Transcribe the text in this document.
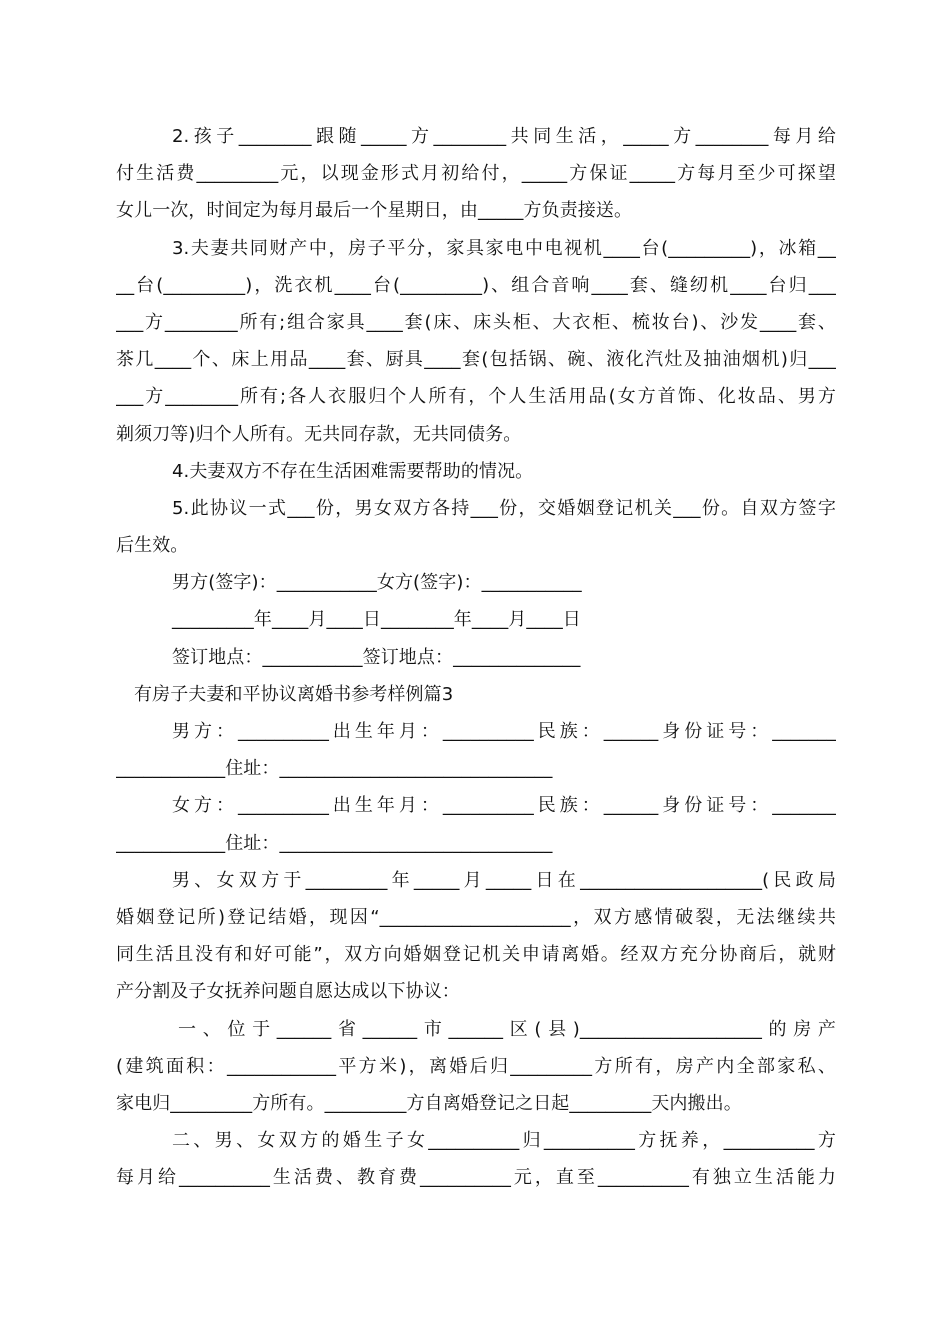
2.孩子________跟随_____方________共同生活，_____方________每月给
付生活费_________元，以现金形式月初给付，_____方保证_____方每月至少可探望
女儿一次，时间定为每月最后一个星期日，由_____方负责接送。
3.夫妻共同财产中，房子平分，家具家电中电视机____台(_________)，冰箱__
__台(_________)，洗衣机____台(_________)、组合音响____套、缝纫机____台归___
___方________所有;组合家具____套(床、床头柜、大衣柜、梳妆台)、沙发____套、
茶几____个、床上用品____套、厨具____套(包括锅、碗、液化汽灶及抽油烟机)归___
___方________所有;各人衣服归个人所有，个人生活用品(女方首饰、化妆品、男方
剃须刀等)归个人所有。无共同存款，无共同债务。
4.夫妻双方不存在生活困难需要帮助的情况。
5.此协议一式___份，男女双方各持___份，交婚姻登记机关___份。自双方签字
后生效。
男方(签字)：___________女方(签字)：___________
_________年____月____日________年____月____日
签订地点：___________签订地点：______________
有房子夫妻和平协议离婚书参考样例篇3
男方：__________出生年月：__________民族：______身份证号：_______
____________住址：______________________________
女方：__________出生年月：__________民族：______身份证号：_______
____________住址：______________________________
男、女双方于_________年_____月_____日在____________________(民政局
婚姻登记所)登记结婚，现因“_____________________，双方感情破裂，无法继续共
同生活且没有和好可能”，双方向婚姻登记机关申请离婚。经双方充分协商后，就财
产分割及子女抚养问题自愿达成以下协议：
一、位于______省______市______区(县)____________________的房产
(建筑面积：____________平方米)，离婚后归_________方所有，房产内全部家私、
家电归_________方所有。_________方自离婚登记之日起_________天内搬出。
二、男、女双方的婚生子女__________归__________方抚养，__________方
每月给__________生活费、教育费__________元，直至__________有独立生活能力
